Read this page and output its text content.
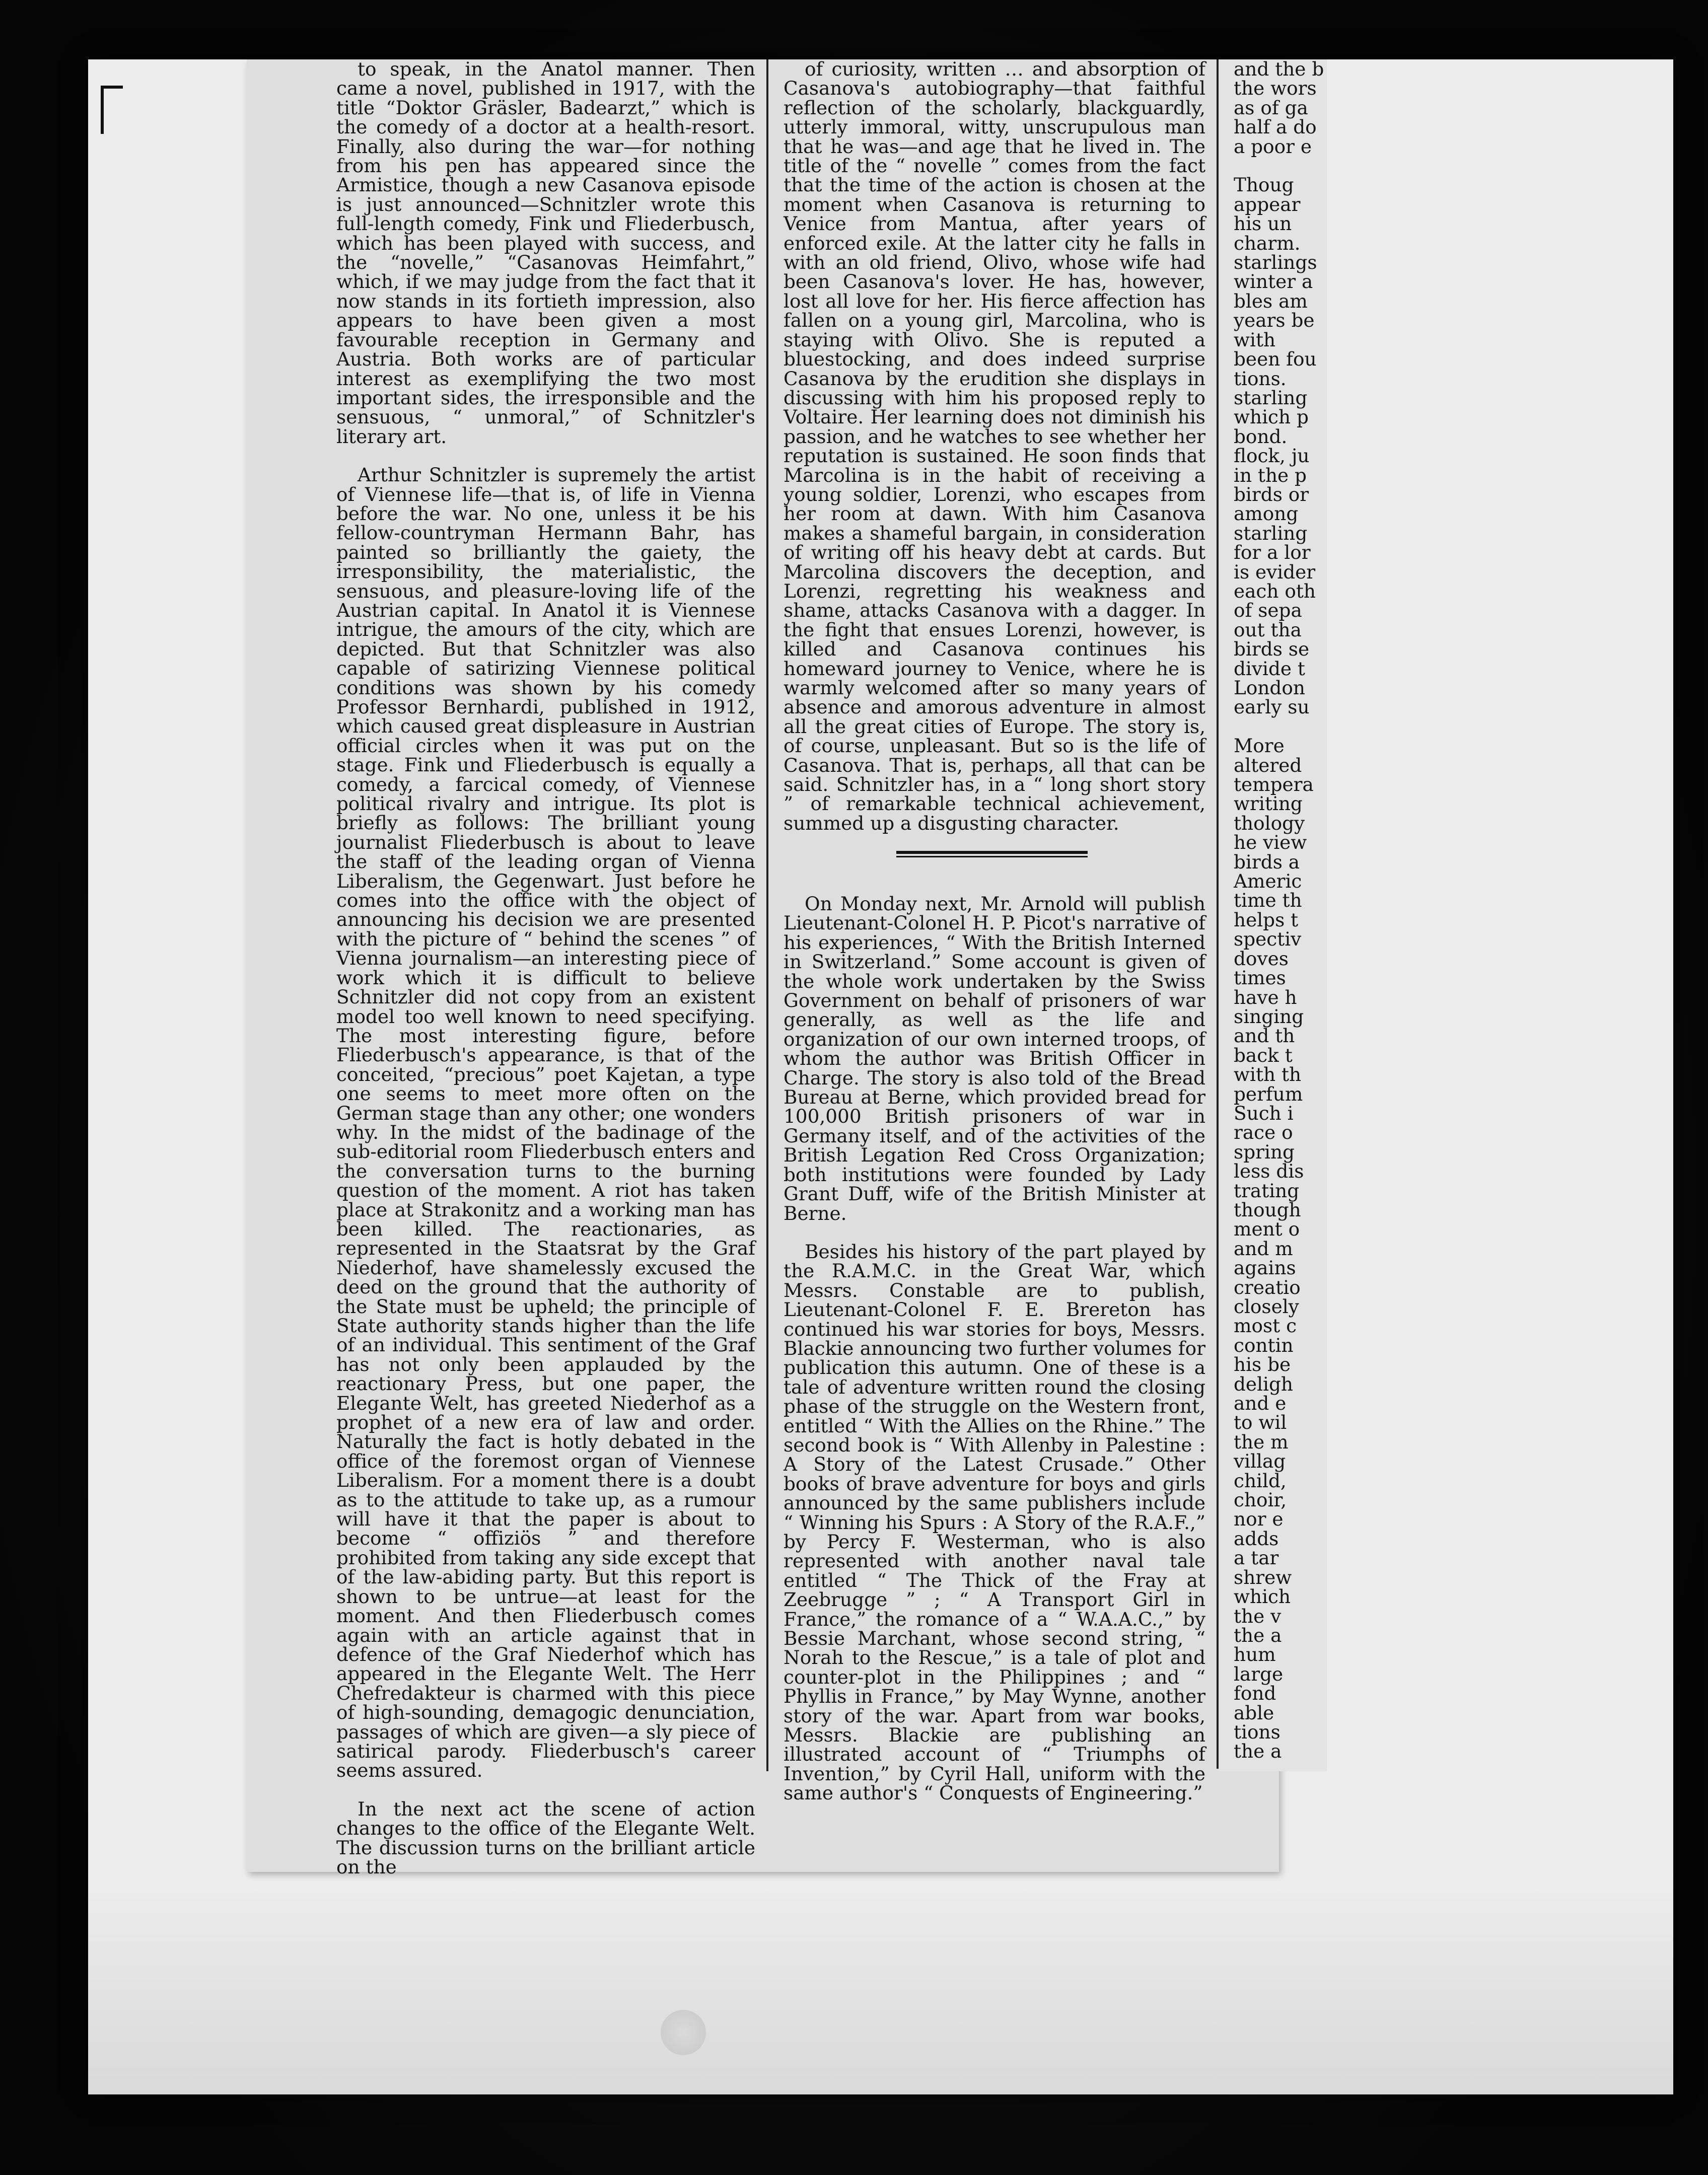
to speak, in the Anatol manner. Then came a novel, published in 1917, with the title “Doktor Gräsler, Badearzt,” which is the comedy of a doctor at a health-resort. Finally, also during the war—for nothing from his pen has appeared since the Armistice, though a new Casanova episode is just announced—Schnitzler wrote this full-length comedy, Fink und Fliederbusch, which has been played with success, and the “novelle,” “Casanovas Heimfahrt,” which, if we may judge from the fact that it now stands in its fortieth impression, also appears to have been given a most favourable reception in Germany and Austria. Both works are of particular interest as exemplifying the two most important sides, the irresponsible and the sensuous, “ unmoral,” of Schnitzler's literary art.

Arthur Schnitzler is supremely the artist of Viennese life—that is, of life in Vienna before the war. No one, unless it be his fellow-countryman Hermann Bahr, has painted so brilliantly the gaiety, the irresponsibility, the materialistic, the sensuous, and pleasure-loving life of the Austrian capital. In Anatol it is Viennese intrigue, the amours of the city, which are depicted. But that Schnitzler was also capable of satirizing Viennese political conditions was shown by his comedy Professor Bernhardi, published in 1912, which caused great displeasure in Austrian official circles when it was put on the stage. Fink und Fliederbusch is equally a comedy, a farcical comedy, of Viennese political rivalry and intrigue. Its plot is briefly as follows: The brilliant young journalist Fliederbusch is about to leave the staff of the leading organ of Vienna Liberalism, the Gegenwart. Just before he comes into the office with the object of announcing his decision we are presented with the picture of “ behind the scenes ” of Vienna journalism—an interesting piece of work which it is difficult to believe Schnitzler did not copy from an existent model too well known to need specifying. The most interesting figure, before Fliederbusch's appearance, is that of the conceited, “precious” poet Kajetan, a type one seems to meet more often on the German stage than any other; one wonders why. In the midst of the badinage of the sub-editorial room Fliederbusch enters and the conversation turns to the burning question of the moment. A riot has taken place at Strakonitz and a working man has been killed. The reactionaries, as represented in the Staatsrat by the Graf Niederhof, have shamelessly excused the deed on the ground that the authority of the State must be upheld; the principle of State authority stands higher than the life of an individual. This sentiment of the Graf has not only been applauded by the reactionary Press, but one paper, the Elegante Welt, has greeted Niederhof as a prophet of a new era of law and order. Naturally the fact is hotly debated in the office of the foremost organ of Viennese Liberalism. For a moment there is a doubt as to the attitude to take up, as a rumour will have it that the paper is about to become “ offiziös ” and therefore prohibited from taking any side except that of the law-abiding party. But this report is shown to be untrue—at least for the moment. And then Fliederbusch comes again with an article against that in defence of the Graf Niederhof which has appeared in the Elegante Welt. The Herr Chefredakteur is charmed with this piece of high-sounding, demagogic denunciation, passages of which are given—a sly piece of satirical parody. Fliederbusch's career seems assured.

In the next act the scene of action changes to the office of the Elegante Welt. The discussion turns on the brilliant article on the

of curiosity, written … and absorption of Casanova's autobiography—that faithful reflection of the scholarly, blackguardly, utterly immoral, witty, unscrupulous man that he was—and age that he lived in. The title of the “ novelle ” comes from the fact that the time of the action is chosen at the moment when Casanova is returning to Venice from Mantua, after years of enforced exile. At the latter city he falls in with an old friend, Olivo, whose wife had been Casanova's lover. He has, however, lost all love for her. His fierce affection has fallen on a young girl, Marcolina, who is staying with Olivo. She is reputed a bluestocking, and does indeed surprise Casanova by the erudition she displays in discussing with him his proposed reply to Voltaire. Her learning does not diminish his passion, and he watches to see whether her reputation is sustained. He soon finds that Marcolina is in the habit of receiving a young soldier, Lorenzi, who escapes from her room at dawn. With him Casanova makes a shameful bargain, in consideration of writing off his heavy debt at cards. But Marcolina discovers the deception, and Lorenzi, regretting his weakness and shame, attacks Casanova with a dagger. In the fight that ensues Lorenzi, however, is killed and Casanova continues his homeward journey to Venice, where he is warmly welcomed after so many years of absence and amorous adventure in almost all the great cities of Europe. The story is, of course, unpleasant. But so is the life of Casanova. That is, perhaps, all that can be said. Schnitzler has, in a “ long short story ” of remarkable technical achievement, summed up a disgusting character.

On Monday next, Mr. Arnold will publish Lieutenant-Colonel H. P. Picot's narrative of his experiences, “ With the British Interned in Switzerland.” Some account is given of the whole work undertaken by the Swiss Government on behalf of prisoners of war generally, as well as the life and organization of our own interned troops, of whom the author was British Officer in Charge. The story is also told of the Bread Bureau at Berne, which provided bread for 100,000 British prisoners of war in Germany itself, and of the activities of the British Legation Red Cross Organization; both institutions were founded by Lady Grant Duff, wife of the British Minister at Berne.

Besides his history of the part played by the R.A.M.C. in the Great War, which Messrs. Constable are to publish, Lieutenant-Colonel F. E. Brereton has continued his war stories for boys, Messrs. Blackie announcing two further volumes for publication this autumn. One of these is a tale of adventure written round the closing phase of the struggle on the Western front, entitled “ With the Allies on the Rhine.” The second book is “ With Allenby in Palestine : A Story of the Latest Crusade.” Other books of brave adventure for boys and girls announced by the same publishers include “ Winning his Spurs : A Story of the R.A.F.,” by Percy F. Westerman, who is also represented with another naval tale entitled “ The Thick of the Fray at Zeebrugge ” ; “ A Transport Girl in France,” the romance of a “ W.A.A.C.,” by Bessie Marchant, whose second string, “ Norah to the Rescue,” is a tale of plot and counter-plot in the Philippines ; and “ Phyllis in France,” by May Wynne, another story of the war. Apart from war books, Messrs. Blackie are publishing an illustrated account of “ Triumphs of Invention,” by Cyril Hall, uniform with the same author's “ Conquests of Engineering.”

and the b
the wors
as of ga
half a do
a poor e

Thoug
appear
his un
charm.
starlings
winter a
bles am
years be
with
been fou
tions.
starling
which p
bond.
flock, ju
in the p
birds or
among
starling
for a lor
is evider
each oth
of sepa
out tha
birds se
divide t
London
early su

More
altered
tempera
writing
thology
he view
birds a
Americ
time th
helps t
spectiv
doves
times
have h
singing
and th
back t
with th
perfum
Such i
race o
spring
less dis
trating
though
ment o
and m
agains
creatio
closely
most c
contin
his be
deligh
and e
to wil
the m
villag
child,
choir,
nor e
adds
a tar
shrew
which
the v
the a
hum
large
fond
able
tions
the a
